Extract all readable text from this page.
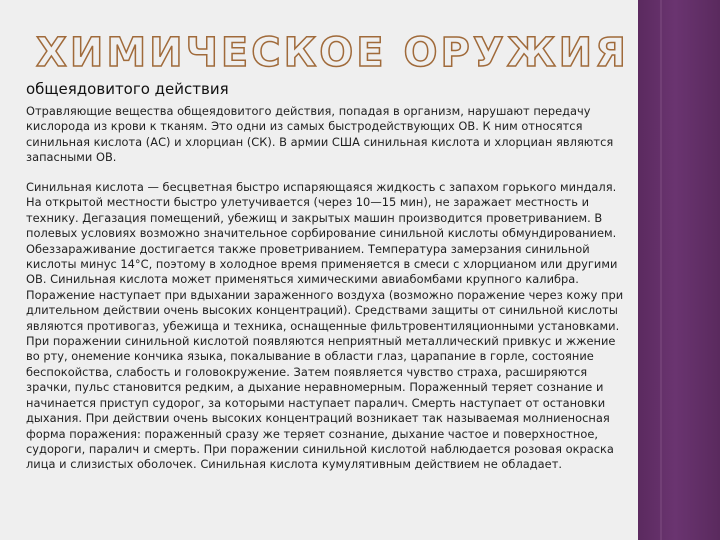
ХИМИЧЕСКОЕ ОРУЖИЯ
общеядовитого действия
Отравляющие вещества общеядовитого действия, попадая в организм, нарушают передачу кислорода из крови к тканям. Это одни из самых быстродействующих ОВ. К ним относятся синильная кислота (АС) и хлорциан (СК). В армии США синильная кислота и хлорциан являются запасными ОВ.
Синильная кислота — бесцветная быстро испаряющаяся жидкость с запахом горького миндаля. На открытой местности быстро улетучивается (через 10—15 мин), не заражает местность и технику. Дегазация помещений, убежищ и закрытых машин производится проветриванием. В полевых условиях возможно значительное сорбирование синильной кислоты обмундированием. Обеззараживание достигается также проветриванием. Температура замерзания синильной кислоты минус 14°С, поэтому в холодное время применяется в смеси с хлорцианом или другими ОВ. Синильная кислота может применяться химическими авиабомбами крупного калибра. Поражение наступает при вдыхании зараженного воздуха (возможно поражение через кожу при длительном действии очень высоких концентраций). Средствами защиты от синильной кислоты являются противогаз, убежища и техника, оснащенные фильтровентиляционными установками. При поражении синильной кислотой появляются неприятный металлический привкус и жжение во рту, онемение кончика языка, покалывание в области глаз, царапание в горле, состояние беспокойства, слабость и головокружение. Затем появляется чувство страха, расширяются зрачки, пульс становится редким, а дыхание неравномерным. Пораженный теряет сознание и начинается приступ судорог, за которыми наступает паралич. Смерть наступает от остановки дыхания. При действии очень высоких концентраций возникает так называемая молниеносная форма поражения: пораженный сразу же теряет сознание, дыхание частое и поверхностное, судороги, паралич и смерть. При поражении синильной кислотой наблюдается розовая окраска лица и слизистых оболочек. Синильная кислота кумулятивным действием не обладает.
